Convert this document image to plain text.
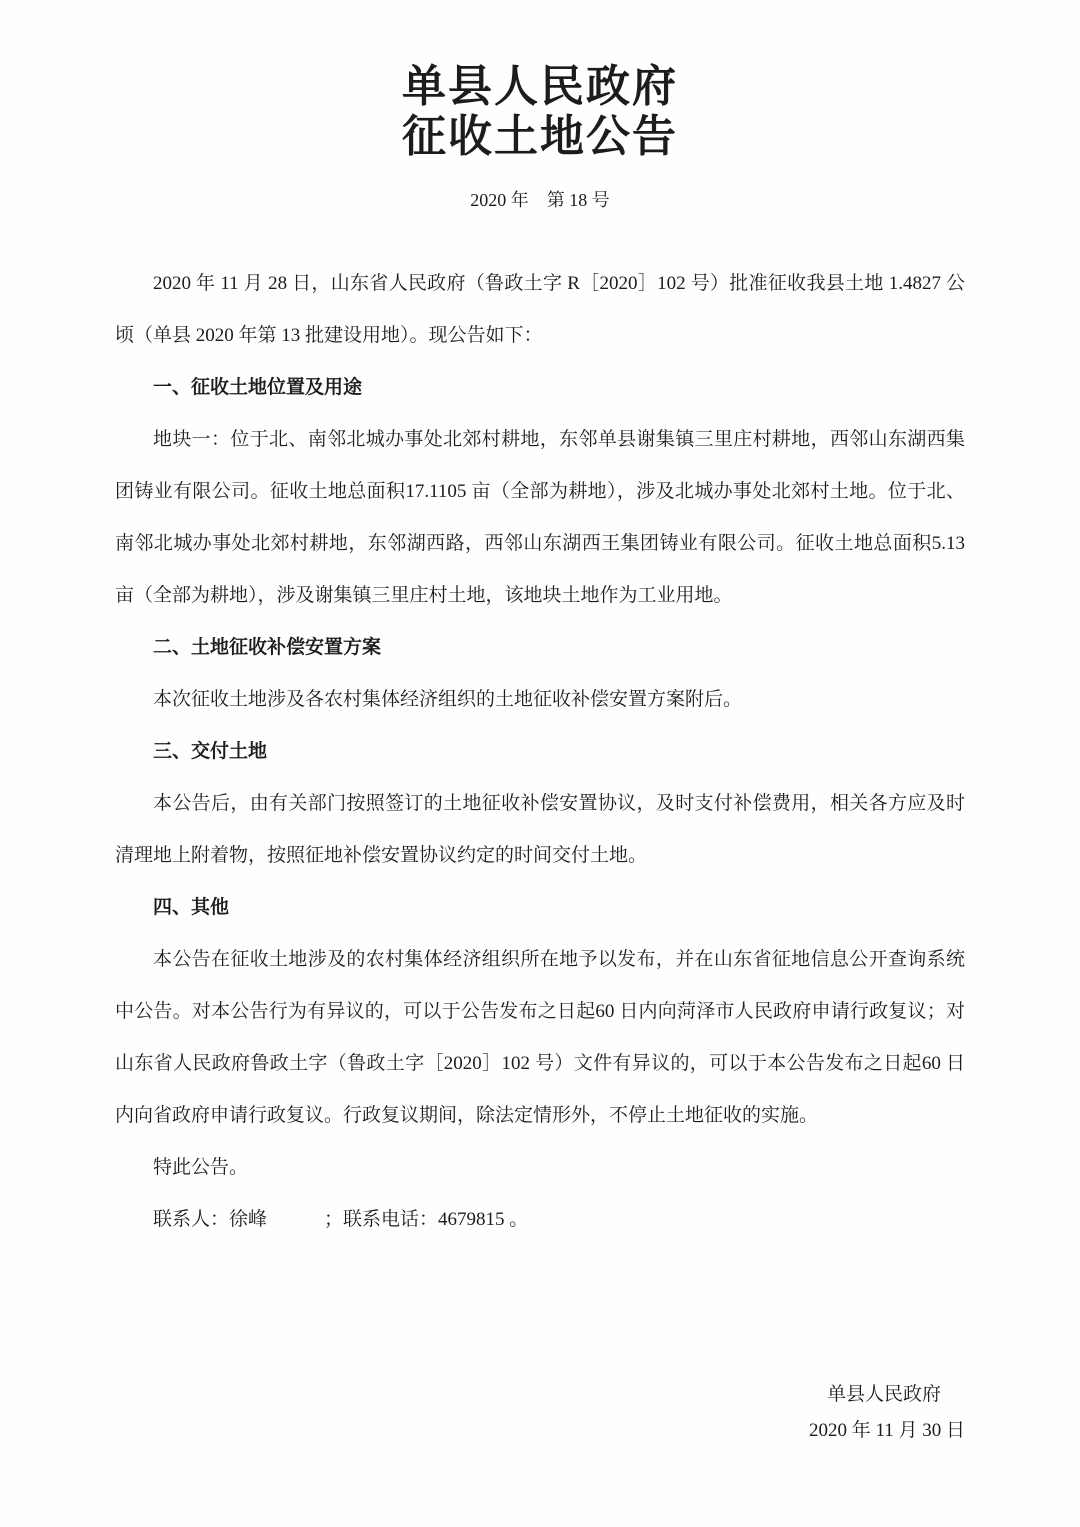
单县人民政府
征收土地公告
2020 年　第 18 号

2020 年 11 月 28 日，山东省人民政府（鲁政土字 R［2020］102 号）批准征收我县土地 1.4827 公顷（单县 2020 年第 13 批建设用地）。现公告如下：

一、征收土地位置及用途

地块一：位于北、南邻北城办事处北郊村耕地，东邻单县谢集镇三里庄村耕地，西邻山东湖西集团铸业有限公司。征收土地总面积17.1105 亩（全部为耕地），涉及北城办事处北郊村土地。位于北、南邻北城办事处北郊村耕地，东邻湖西路，西邻山东湖西王集团铸业有限公司。征收土地总面积5.13 亩（全部为耕地），涉及谢集镇三里庄村土地，该地块土地作为工业用地。

二、土地征收补偿安置方案

本次征收土地涉及各农村集体经济组织的土地征收补偿安置方案附后。

三、交付土地

本公告后，由有关部门按照签订的土地征收补偿安置协议，及时支付补偿费用，相关各方应及时清理地上附着物，按照征地补偿安置协议约定的时间交付土地。

四、其他

本公告在征收土地涉及的农村集体经济组织所在地予以发布，并在山东省征地信息公开查询系统中公告。对本公告行为有异议的，可以于公告发布之日起60 日内向菏泽市人民政府申请行政复议；对山东省人民政府鲁政土字（鲁政土字［2020］102 号）文件有异议的，可以于本公告发布之日起60 日内向省政府申请行政复议。行政复议期间，除法定情形外，不停止土地征收的实施。

特此公告。

联系人：徐峰　　　；联系电话：4679815 。

单县人民政府
2020 年 11 月 30 日
